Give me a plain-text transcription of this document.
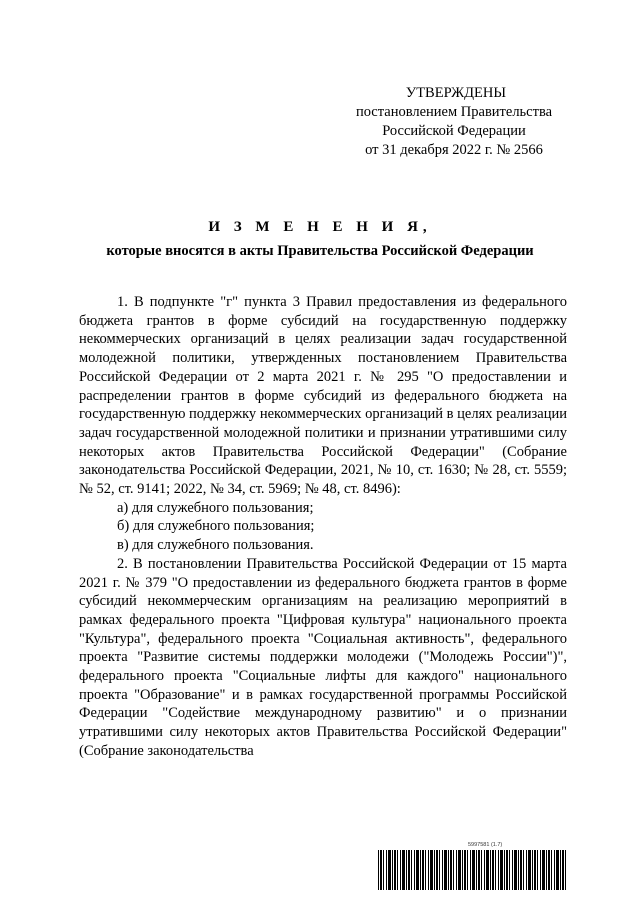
УТВЕРЖДЕНЫ
постановлением Правительства
Российской Федерации
от 31 декабря 2022 г. № 2566
И З М Е Н Е Н И Я,
которые вносятся в акты Правительства Российской Федерации

1. В подпункте "г" пункта 3 Правил предоставления из федерального бюджета грантов в форме субсидий на государственную поддержку некоммерческих организаций в целях реализации задач государственной молодежной политики, утвержденных постановлением Правительства Российской Федерации от 2 марта 2021 г. № 295 "О предоставлении и распределении грантов в форме субсидий из федерального бюджета на государственную поддержку некоммерческих организаций в целях реализации задач государственной молодежной политики и признании утратившими силу некоторых актов Правительства Российской Федерации" (Собрание законодательства Российской Федерации, 2021, № 10, ст. 1630; № 28, ст. 5559; № 52, ст. 9141; 2022, № 34, ст. 5969; № 48, ст. 8496):

а) для служебного пользования;

б) для служебного пользования;

в) для служебного пользования.

2. В постановлении Правительства Российской Федерации от 15 марта 2021 г. № 379 "О предоставлении из федерального бюджета грантов в форме субсидий некоммерческим организациям на реализацию мероприятий в рамках федерального проекта "Цифровая культура" национального проекта "Культура", федерального проекта "Социальная активность", федерального проекта "Развитие системы поддержки молодежи ("Молодежь России")", федерального проекта "Социальные лифты для каждого" национального проекта "Образование" и в рамках государственной программы Российской Федерации "Содействие международному развитию" и о признании утратившими силу некоторых актов Правительства Российской Федерации" (Собрание законодательства

5997581 (1.7)
